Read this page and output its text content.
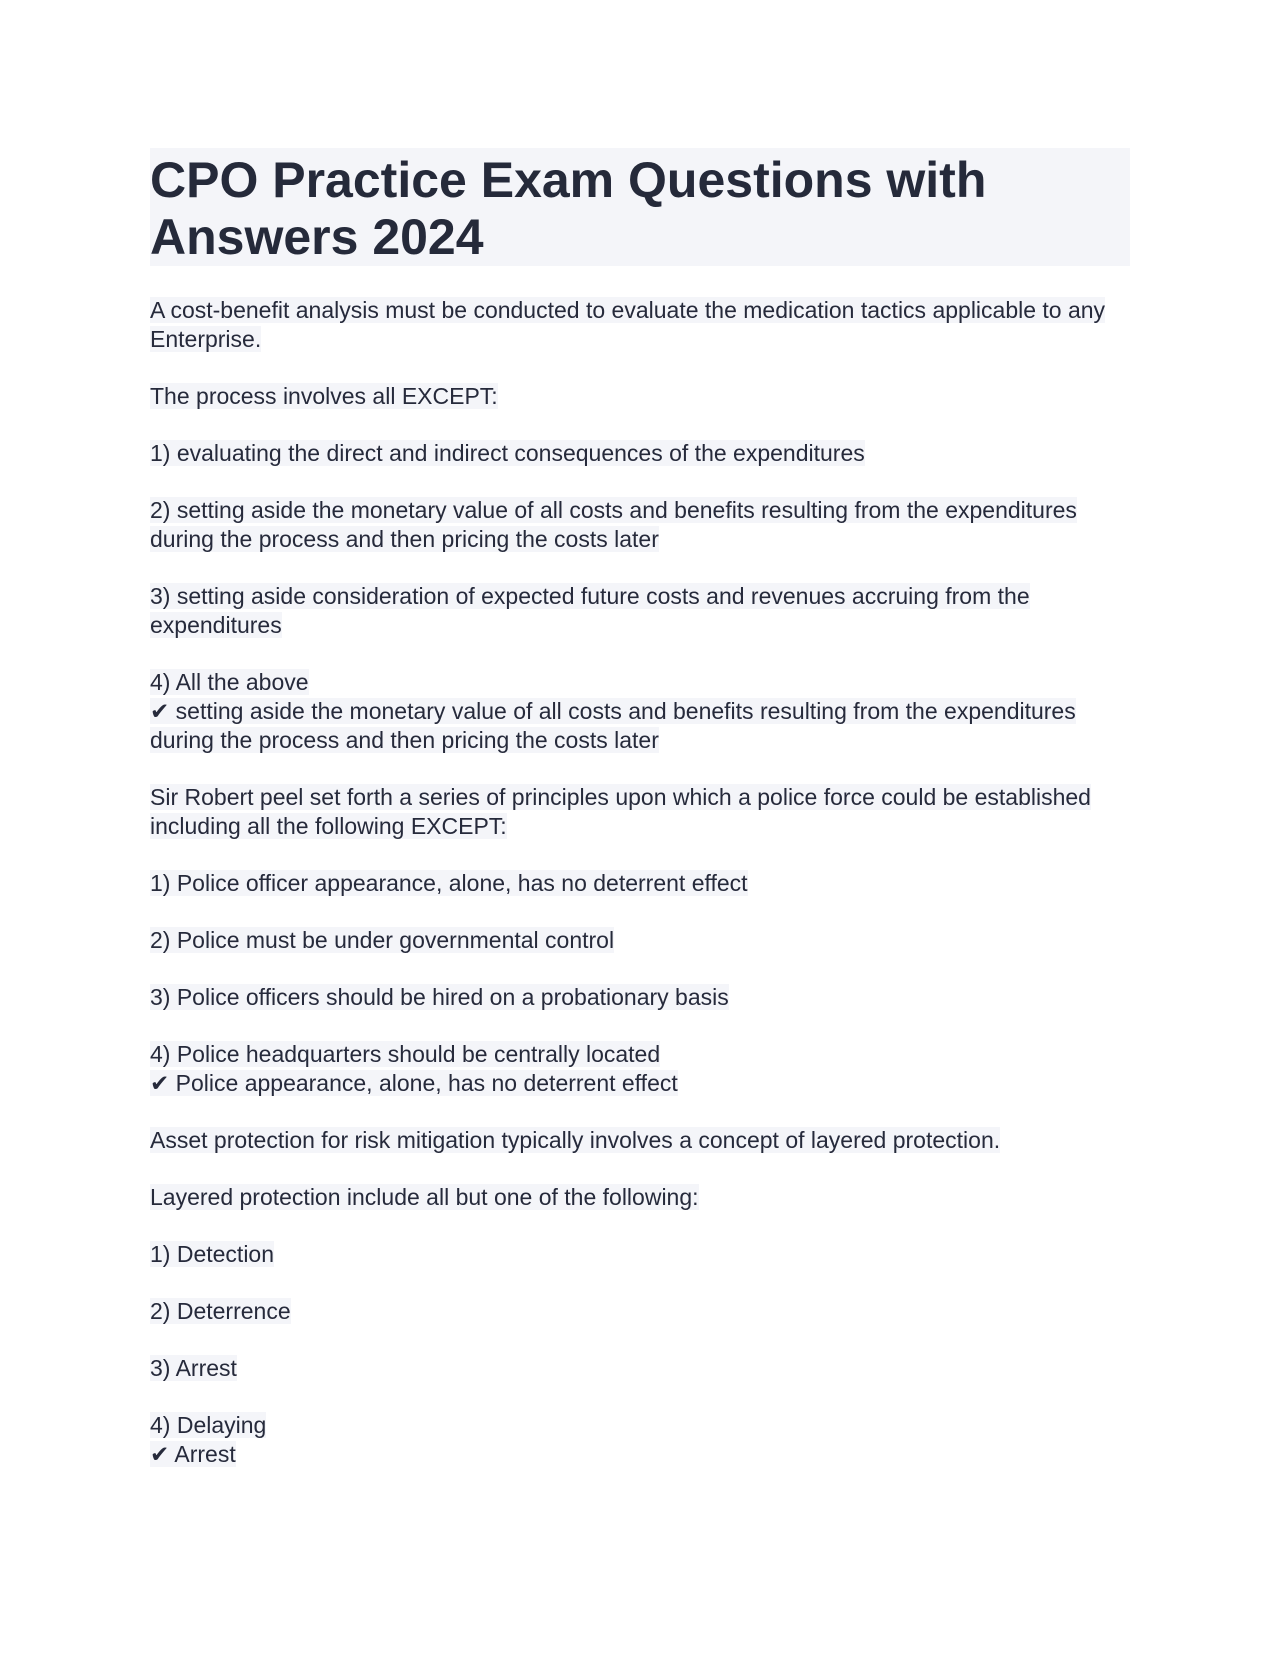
CPO Practice Exam Questions with Answers 2024

A cost-benefit analysis must be conducted to evaluate the medication tactics applicable to any Enterprise.

The process involves all EXCEPT:

1) evaluating the direct and indirect consequences of the expenditures

2) setting aside the monetary value of all costs and benefits resulting from the expenditures during the process and then pricing the costs later

3) setting aside consideration of expected future costs and revenues accruing from the expenditures

4) All the above
✔ setting aside the monetary value of all costs and benefits resulting from the expenditures during the process and then pricing the costs later

Sir Robert peel set forth a series of principles upon which a police force could be established including all the following EXCEPT:

1) Police officer appearance, alone, has no deterrent effect

2) Police must be under governmental control

3) Police officers should be hired on a probationary basis

4) Police headquarters should be centrally located
✔ Police appearance, alone, has no deterrent effect

Asset protection for risk mitigation typically involves a concept of layered protection.

Layered protection include all but one of the following:

1) Detection

2) Deterrence

3) Arrest

4) Delaying
✔ Arrest
